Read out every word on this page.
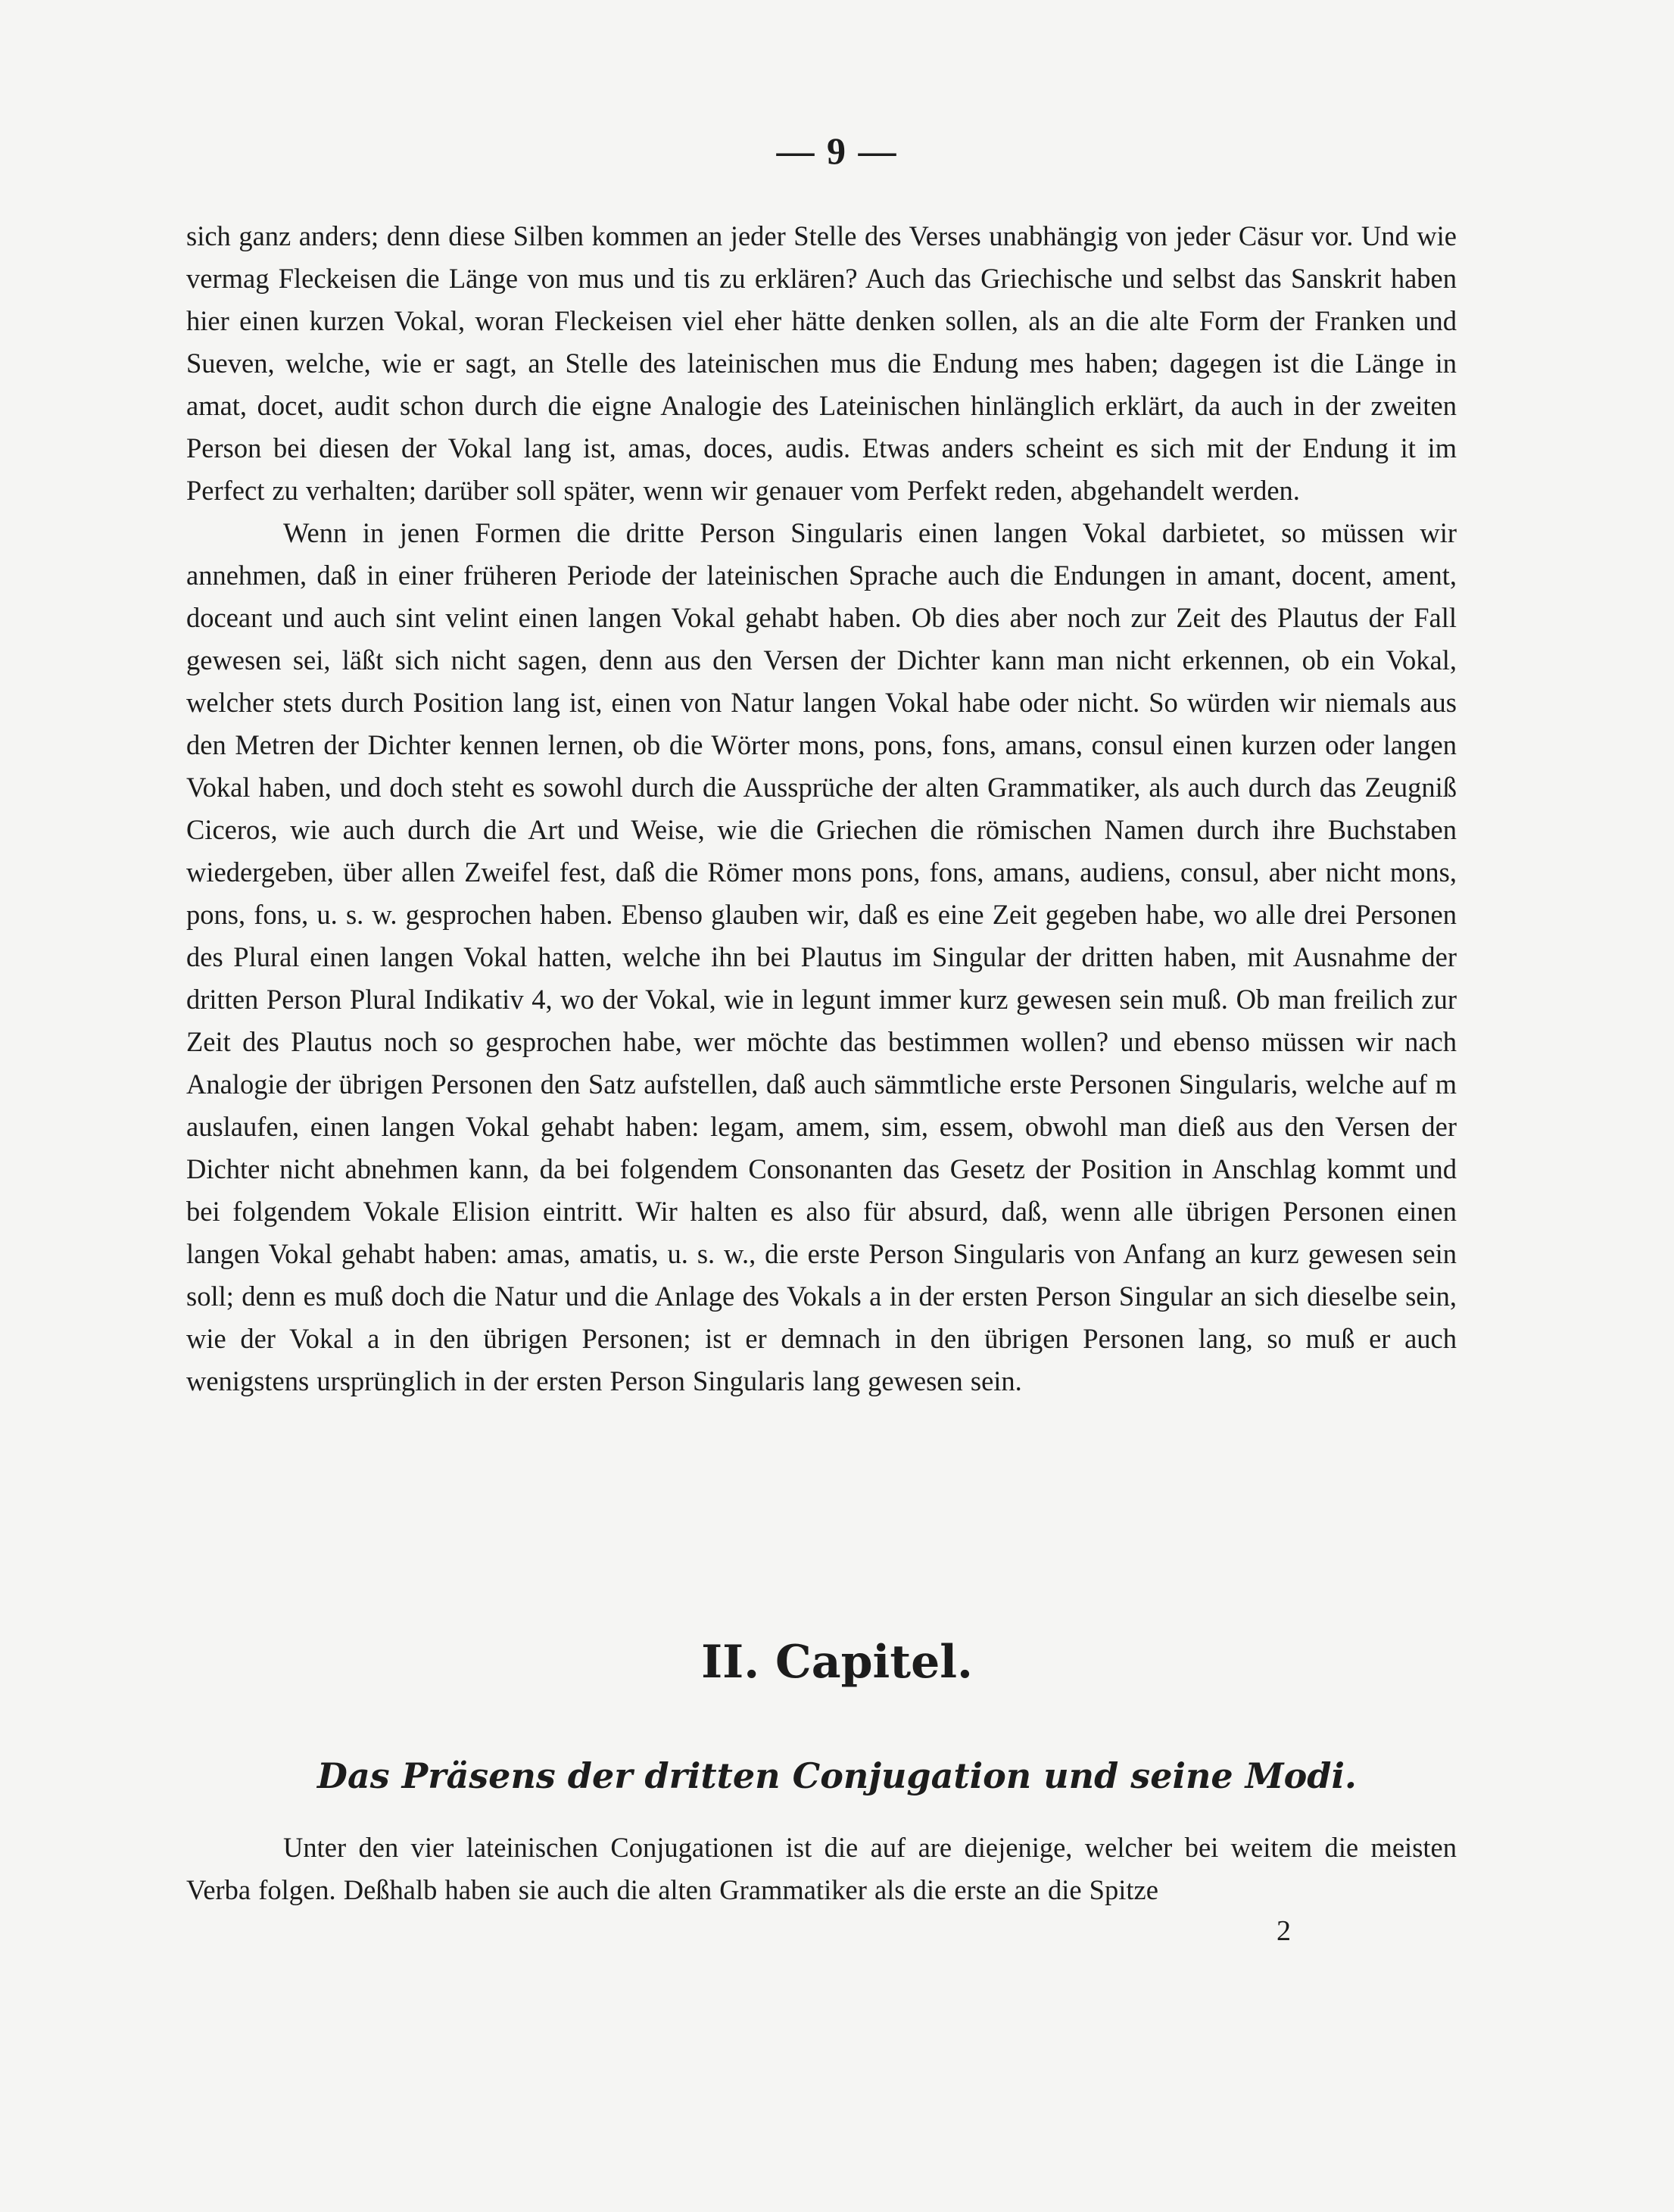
— 9 —

sich ganz anders; denn diese Silben kommen an jeder Stelle des Verses unabhängig von jeder Cäsur vor. Und wie vermag Fleckeisen die Länge von mus und tis zu erklären? Auch das Griechische und selbst das Sanskrit haben hier einen kurzen Vokal, woran Fleckeisen viel eher hätte denken sollen, als an die alte Form der Franken und Sueven, welche, wie er sagt, an Stelle des lateinischen mus die Endung mes haben; dagegen ist die Länge in amat, docet, audit schon durch die eigne Analogie des Lateinischen hinlänglich erklärt, da auch in der zweiten Person bei diesen der Vokal lang ist, amas, doces, audis. Etwas anders scheint es sich mit der Endung it im Perfect zu verhalten; darüber soll später, wenn wir genauer vom Perfekt reden, abgehandelt werden.

Wenn in jenen Formen die dritte Person Singularis einen langen Vokal darbietet, so müssen wir annehmen, daß in einer früheren Periode der lateinischen Sprache auch die Endungen in amant, docent, ament, doceant und auch sint velint einen langen Vokal gehabt haben. Ob dies aber noch zur Zeit des Plautus der Fall gewesen sei, läßt sich nicht sagen, denn aus den Versen der Dichter kann man nicht erkennen, ob ein Vokal, welcher stets durch Position lang ist, einen von Natur langen Vokal habe oder nicht. So würden wir niemals aus den Metren der Dichter kennen lernen, ob die Wörter mons, pons, fons, amans, consul einen kurzen oder langen Vokal haben, und doch steht es sowohl durch die Aussprüche der alten Grammatiker, als auch durch das Zeugniß Ciceros, wie auch durch die Art und Weise, wie die Griechen die römischen Namen durch ihre Buchstaben wiedergeben, über allen Zweifel fest, daß die Römer mons pons, fons, amans, audiens, consul, aber nicht mons, pons, fons, u. s. w. gesprochen haben. Ebenso glauben wir, daß es eine Zeit gegeben habe, wo alle drei Personen des Plural einen langen Vokal hatten, welche ihn bei Plautus im Singular der dritten haben, mit Ausnahme der dritten Person Plural Indikativ 4, wo der Vokal, wie in legunt immer kurz gewesen sein muß. Ob man freilich zur Zeit des Plautus noch so gesprochen habe, wer möchte das bestimmen wollen? und ebenso müssen wir nach Analogie der übrigen Personen den Satz aufstellen, daß auch sämmtliche erste Personen Singularis, welche auf m auslaufen, einen langen Vokal gehabt haben: legam, amem, sim, essem, obwohl man dieß aus den Versen der Dichter nicht abnehmen kann, da bei folgendem Consonanten das Gesetz der Position in Anschlag kommt und bei folgendem Vokale Elision eintritt. Wir halten es also für absurd, daß, wenn alle übrigen Personen einen langen Vokal gehabt haben: amas, amatis, u. s. w., die erste Person Singularis von Anfang an kurz gewesen sein soll; denn es muß doch die Natur und die Anlage des Vokals a in der ersten Person Singular an sich dieselbe sein, wie der Vokal a in den übrigen Personen; ist er demnach in den übrigen Personen lang, so muß er auch wenigstens ursprünglich in der ersten Person Singularis lang gewesen sein.

II. Capitel.
Das Präsens der dritten Conjugation und seine Modi.

Unter den vier lateinischen Conjugationen ist die auf are diejenige, welcher bei weitem die meisten Verba folgen. Deßhalb haben sie auch die alten Grammatiker als die erste an die Spitze

2
